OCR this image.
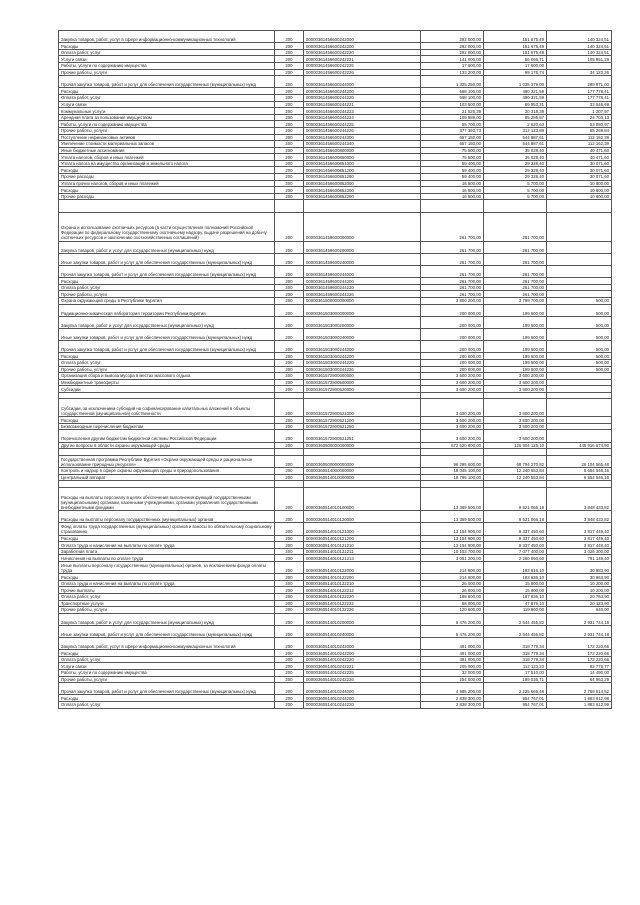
Закупка товаров, работ, услуг в сфере информационно-коммуникационных технологий	200	00000361456600242000	292 000,00	151 675,49	140 324,51
Расходы	200	00000361456600242200	292 000,00	151 675,49	140 324,51
Оплата работ, услуг	200	00000361456600242220	292 000,00	151 675,49	140 324,51
Услуги связи	200	00000361456600242221	141 000,00	56 066,71	105 951,29
Работы, услуги по содержанию имущества	200	00000361456600242225	17 600,00	17 600,00	
Прочие работы, услуги	200	00000361456600242226	133 200,00	99 176,74	34 123,26
Прочая закупка товаров, работ и услуг для обеспечения государственных (муниципальных) нужд	200	00000361456600244000	1 325 250,00	1 035 379,00	289 871,00
Расходы	200	00000361456600244200	668 100,00	490 321,59	177 778,41
Оплата работ, услуг	200	00000361456600244220	668 100,00	490 321,59	177 778,41
Услуги связи	200	00000361456600244221	103 500,00	69 953,31	33 546,69
Коммунальные услуги	200	00000361456600244223	21 526,39	20 318,39	1 207,97
Арендная плата за пользование имуществом	200	00000361456600244224	109 989,00	85 285,87	24 703,13
Работы, услуги по содержанию имущества	200	00000361456600244225	55 700,00	2 620,63	53 080,97
Прочие работы, услуги	200	00000361456600244226	377 393,73	312 123,89	65 269,84
Поступление нефинансовых активов	200	00000361456600244300	657 150,00	544 987,61	112 162,39
Увеличение стоимости материальных запасов	200	00000361456600244340	657 150,00	544 987,61	112 162,39
Иные бюджетные ассигнования	200	00000361456600800000	75 500,00	35 028,40	40 471,60
Уплата налогов, сборов и иных платежей	200	00000361456600850000	75 500,00	35 028,40	40 471,60
Уплата налога на имущество организаций и земельного налога	200	00000361456600851000	59 400,00	29 328,40	30 071,60
Расходы	200	00000361456600851200	59 400,00	29 328,40	30 071,60
Прочие расходы	200	00000361456600851290	59 400,00	29 328,40	30 071,60
Уплата прочих налогов, сборов и иных платежей	200	00000361456600852000	16 500,00	5 700,00	10 800,00
Расходы	200	00000361456600852200	16 500,00	5 700,00	10 800,00
Прочие расходы	200	00000361456600852290	16 500,00	5 700,00	10 800,00

Охрана и использование охотничьих ресурсов (в части осуществления полномочий Российской Федерации по федеральному государственному охотничьему надзору, выдаче разрешений на добычу охотничьих ресурсов и заключению охотхозяйственных соглашений)	200	00000361459600000000	261 700,00	261 700,00	
Закупка товаров, работ и услуг для государственных (муниципальных) нужд	200	00000361459600200000	261 700,00	261 700,00	
Иные закупки товаров, работ и услуг для обеспечения государственных (муниципальных) нужд	200	00000361459600240000	261 700,00	261 700,00	
Прочая закупка товаров, работ и услуг для обеспечения государственных (муниципальных) нужд	200	00000361459600244000	261 700,00	261 700,00	
Расходы	200	00000361459600244200	261 700,00	261 700,00	
Оплата работ, услуг	200	00000361459600244220	261 700,00	261 700,00	
Прочие работы, услуги	200	00000361459600244226	261 700,00	261 700,00	
Охрана окружающей среды в Республике Бурятия	200	00000361500000000000	3 800 200,00	3 799 700,00	500,00
Радиационно-химическая лаборатория территории Республики Бурятия	200	00000361503000000000	200 000,00	199 500,00	500,00
Закупка товаров, работ и услуг для государственных (муниципальных) нужд	200	00000361503000200000	200 000,00	199 500,00	500,00
Иные закупки товаров, работ и услуг для обеспечения государственных (муниципальных) нужд	200	00000361503000240000	200 000,00	199 500,00	500,00
Прочая закупка товаров, работ и услуг для обеспечения государственных (муниципальных) нужд	200	00000361503000244000	200 000,00	199 500,00	500,00
Расходы	200	00000361503000244200	200 000,00	199 500,00	500,00
Оплата работ, услуг	200	00000361503000244220	200 000,00	199 500,00	500,00
Прочие работы, услуги	200	00000361503000244226	200 000,00	199 500,00	500,00
Организация сбора и вывоза мусора в местах массового отдыха	200	00000361572900000000	3 600 200,00	3 600 200,00	
Межбюджетные трансферты	200	00000361572900500000	3 600 200,00	3 600 200,00	
Субсидии	200	00000361572900520000	3 600 200,00	3 600 200,00	

Субсидии, за исключением субсидий на софинансирование капитальных вложений в объекты государственной (муниципальной) собственности	200	00000361572900521000	3 600 200,00	3 600 200,00	
Расходы	200	00000361572900521200	3 600 200,00	3 600 200,00	
Безвозмездные перечисления бюджетам	200	00000361572900521250	3 600 200,00	3 600 200,00	
Перечисления другим бюджетам бюджетной системы Российской Федерации	200	00000361572900521251	3 600 200,00	3 600 200,00	
Другие вопросы в области охраны окружающей среды	200	00000360500000000000	672 520 800,00	126 604 125,10	445 916 674,90

Государственная программа Республики Бурятия «Охрана окружающей среды и рациональное использование природных ресурсов»	200	00000360500000000000	96 295 600,00	69 794 270,82	26 104 565,48
Контроль и надзор в сфере охраны окружающей среды и природопользования	200	00000360514000000000	18 045 100,00	12 240 553,84	5 654 546,16
Центральный аппарат	200	00000360514010000000	18 795 100,00	12 240 553,84	6 554 546,16

Расходы на выплаты персоналу в целях обеспечения выполнения функций государственными (муниципальными) органами, казенными учреждениями, органами управления государственными внебюджетными фондами	200	00000360514010100000	13 369 500,00	9 521 066,18	3 848 433,82
Расходы на выплаты персоналу государственных (муниципальных) органов	200	00000360514010120000	13 369 500,00	9 521 066,18	3 848 433,82
Фонд оплаты труда государственных (муниципальных) органов и взносы по обязательному социальному страхованию	200	00000360514010121000	13 154 900,00	9 337 450,60	3 817 449,40
Расходы	200	00000360514010121200	13 154 900,00	9 337 450,60	3 817 449,40
Оплата труда и начисления на выплаты по оплате труда	200	00000360514010121210	13 154 900,00	9 337 450,60	3 817 449,40
Заработная плата	200	00000360514010121211	10 103 700,00	7 077 400,00	3 026 300,00
Начисления на выплаты по оплате труда	200	00000360514010121213	3 051 200,00	2 260 050,60	791 149,40
Иные выплаты персоналу государственных (муниципальных) органов, за исключением фонда оплаты труда	200	00000360514010122000	214 600,00	183 616,10	30 983,90
Расходы	200	00000360514010122200	214 600,00	183 636,10	30 963,90
Оплата труда и начисления на выплаты по оплате труда	200	00000360514010122210	26 000,00	15 800,00	10 200,00
Прочие выплаты	200	00000360514010122212	26 000,00	15 800,00	10 200,00
Оплата работ, услуг	200	00000360514010122220	188 600,00	167 836,10	20 763,90
Транспортные услуги	200	00000360514010122222	68 000,00	47 876,10	20 123,90
Прочие работы, услуги	200	00000360514010122226	120 600,00	119 960,00	640,00
Закупка товаров, работ и услуг для государственных (муниципальных) нужд	200	00000360514010200000	5 476 200,00	2 544 455,82	2 931 744,18
Иные закупки товаров, работ и услуг для обеспечения государственных (муниципальных) нужд	200	00000360514010240000	5 476 200,00	2 544 455,82	2 931 744,18
Закупка товаров, работ, услуг в сфере информационно-коммуникационных технологий	200	00000360514010242000	491 000,00	318 779,34	172 220,66
Расходы	200	00000360514010242200	491 000,00	318 779,34	172 220,66
Оплата работ, услуг	200	00000360514010242220	491 000,00	318 779,34	172 220,66
Услуги связи	200	00000360514010242221	205 000,00	112 123,23	92 776,77
Работы, услуги по содержанию имущества	200	00000360514010242225	32 000,00	17 510,00	14 490,00
Прочие работы, услуги	200	00000360514010242226	254 000,00	189 036,71	64 963,29
Прочая закупка товаров, работ и услуг для обеспечения государственных (муниципальных) нужд	200	00000360514010244000	4 985 200,00	2 225 665,48	2 759 514,52
Расходы	200	00000360514010244200	2 838 300,00	954 767,01	1 883 612,99
Оплата работ, услуг	200	00000360514010244220	2 838 300,00	954 767,01	1 883 612,99
